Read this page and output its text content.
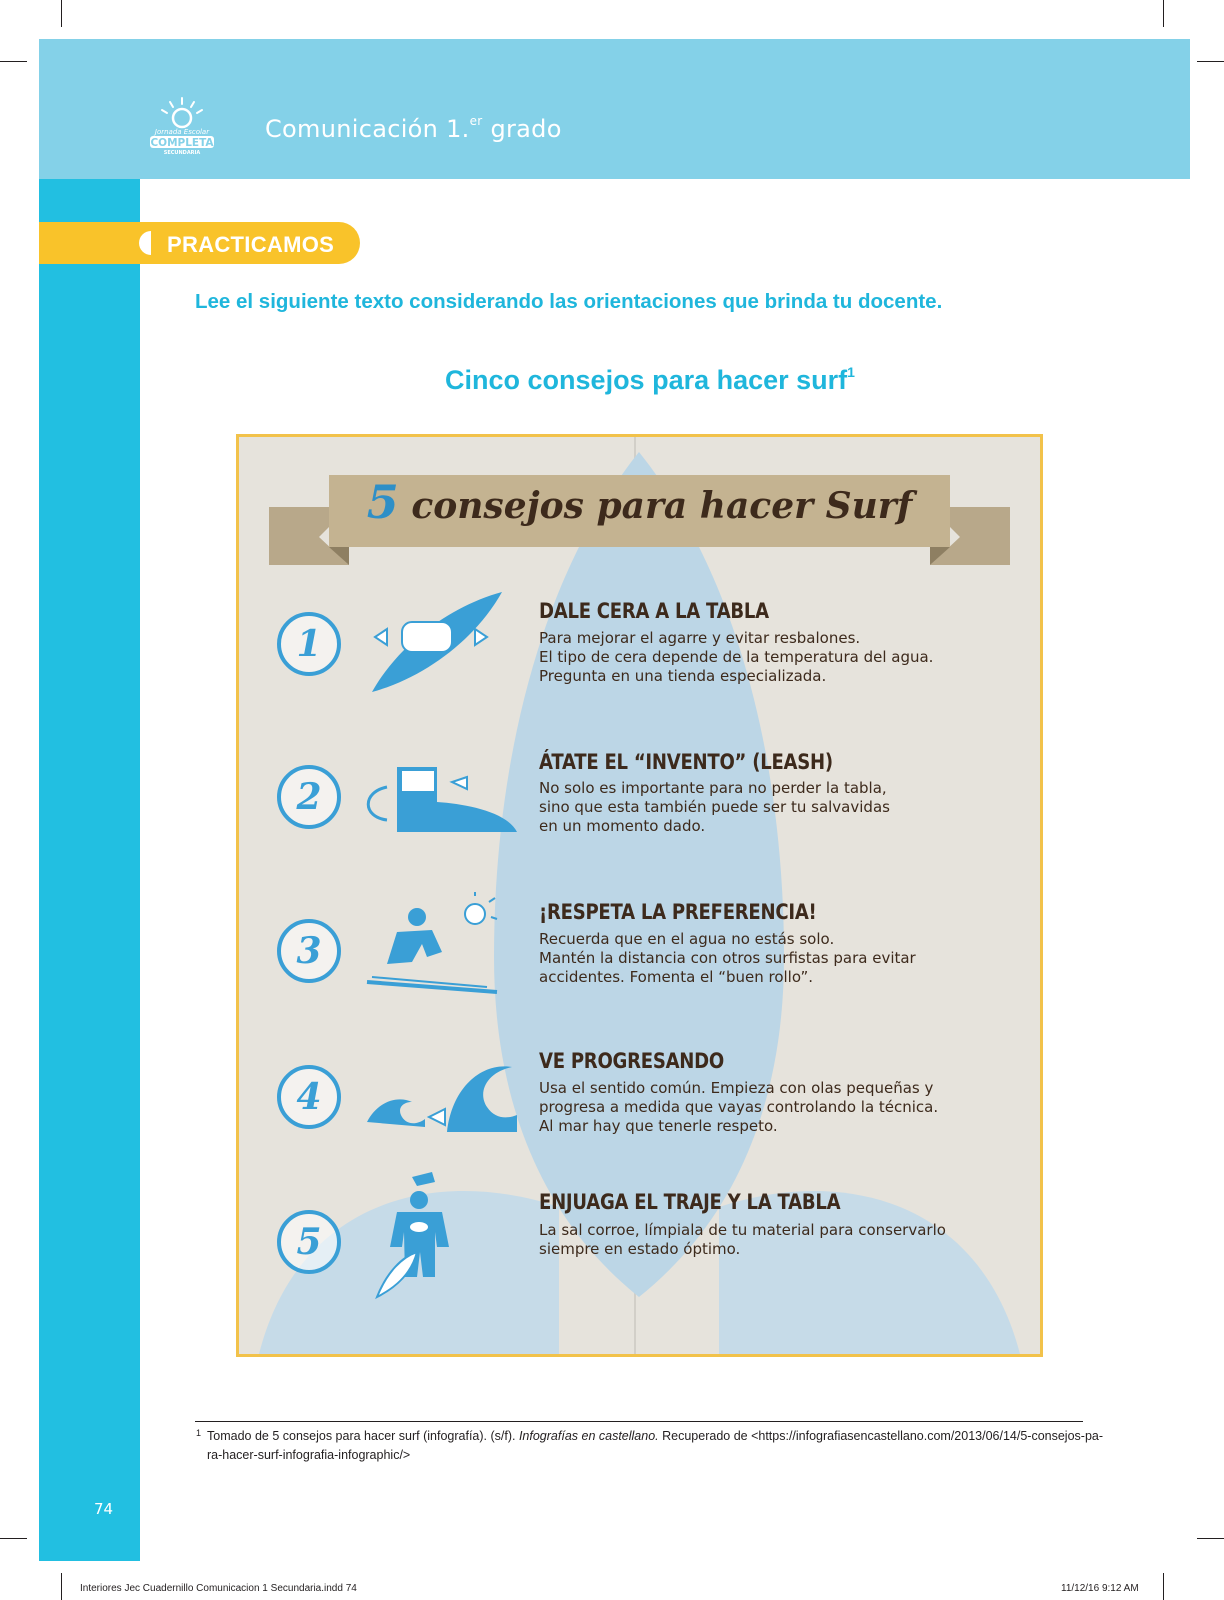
Jornada Escolar
COMPLETA
SECUNDARIA
Comunicación 1.$^{er}$ grado
PRACTICAMOS
Lee el siguiente texto considerando las orientaciones que brinda tu docente.
Cinco consejos para hacer surf$^1$
5 consejos para hacer Surf
1
DALE CERA A LA TABLA
Para mejorar el agarre y evitar resbalones.
El tipo de cera depende de la temperatura del agua.
Pregunta en una tienda especializada.
2
ÁTATE EL “INVENTO” (LEASH)
No solo es importante para no perder la tabla,
sino que esta también puede ser tu salvavidas
en un momento dado.
3
¡RESPETA LA PREFERENCIA!
Recuerda que en el agua no estás solo.
Mantén la distancia con otros surfistas para evitar
accidentes. Fomenta el “buen rollo”.
4
VE PROGRESANDO
Usa el sentido común. Empieza con olas pequeñas y
progresa a medida que vayas controlando la técnica.
Al mar hay que tenerle respeto.
5
ENJUAGA EL TRAJE Y LA TABLA
La sal corroe, límpiala de tu material para conservarlo
siempre en estado óptimo.
1 Tomado de 5 consejos para hacer surf (infografía). (s/f). Infografías en castellano. Recuperado de <https://infografiasencastellano.com/2013/06/14/5-consejos-pa-
ra-hacer-surf-infografia-infographic/>
74
Interiores Jec Cuadernillo Comunicacion 1 Secundaria.indd 74	11/12/16 9:12 AM
